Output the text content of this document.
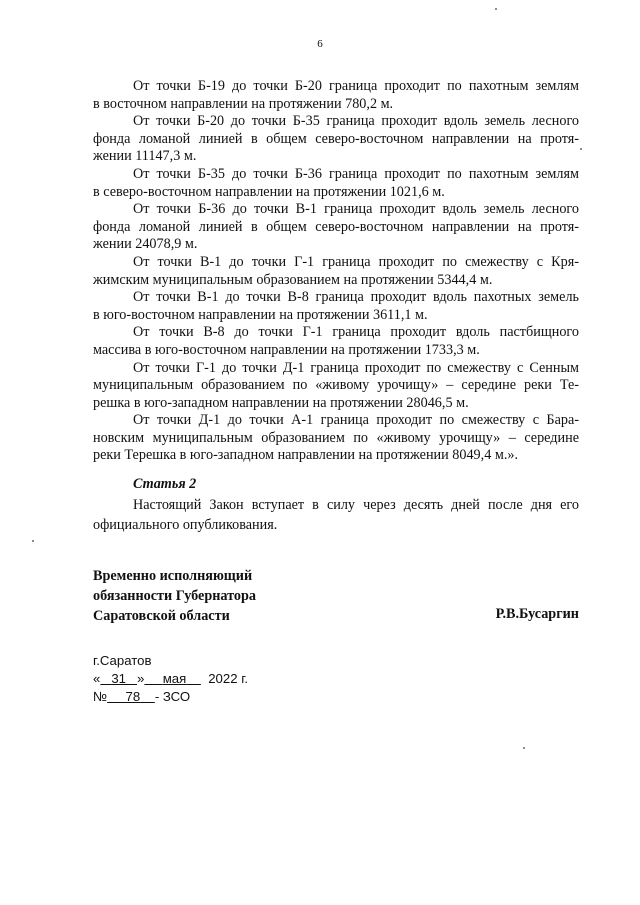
6
От точки Б-19 до точки Б-20 граница проходит по пахотным землям
в восточном направлении на протяжении 780,2 м.
От точки Б-20 до точки Б-35 граница проходит вдоль земель лесного
фонда ломаной линией в общем северо-восточном направлении на протя-
жении 11147,3 м.
От точки Б-35 до точки Б-36 граница проходит по пахотным землям
в северо-восточном направлении на протяжении 1021,6 м.
От точки Б-36 до точки В-1 граница проходит вдоль земель лесного
фонда ломаной линией в общем северо-восточном направлении на протя-
жении 24078,9 м.
От точки В-1 до точки Г-1 граница проходит по смежеству с Кря-
жимским муниципальным образованием на протяжении 5344,4 м.
От точки В-1 до точки В-8 граница проходит вдоль пахотных земель
в юго-восточном направлении на протяжении 3611,1 м.
От точки В-8 до точки Г-1 граница проходит вдоль пастбищного
массива в юго-восточном направлении на протяжении 1733,3 м.
От точки Г-1 до точки Д-1 граница проходит по смежеству с Сенным
муниципальным образованием по «живому урочищу» – середине реки Те-
решка в юго-западном направлении на протяжении 28046,5 м.
От точки Д-1 до точки А-1 граница проходит по смежеству с Бара-
новским муниципальным образованием по «живому урочищу» – середине
реки Терешка в юго-западном направлении на протяжении 8049,4 м.».
Статья 2
Настоящий Закон вступает в силу через десять дней после дня его
официального опубликования.
Временно исполняющий
обязанности Губернатора
Саратовской области	Р.В.Бусаргин
г.Саратов
« 31 » мая 2022 г.
№ 78 - ЗСО
